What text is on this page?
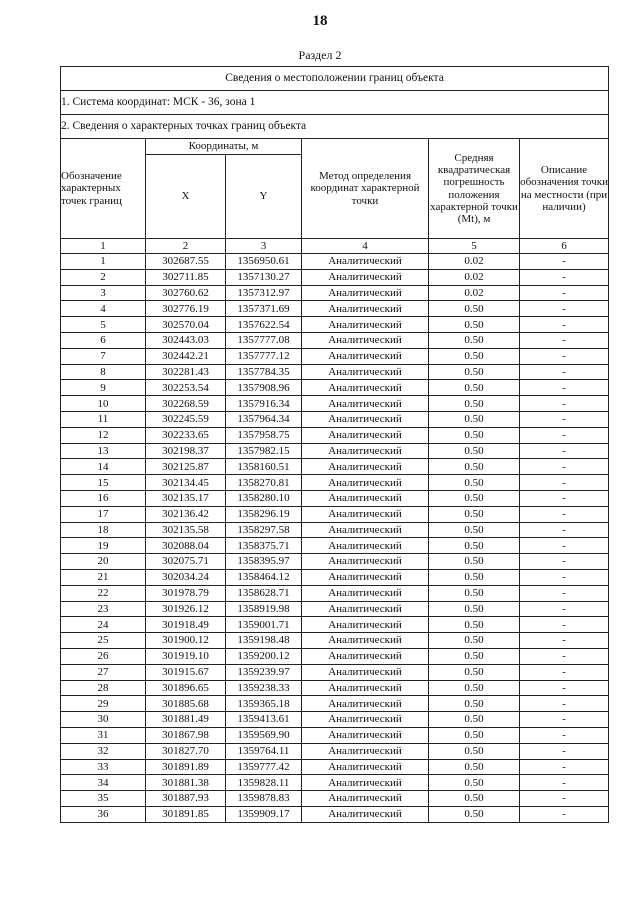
18
Раздел 2
Сведения о местоположении границ объекта					
1. Система координат: МСК - 36, зона 1					
2. Сведения о характерных точках границ объекта					
Обозначение характерных точек границ	Координаты, м		Метод определения координат характерной точки	Средняя квадратическая погрешность положения характерной точки (Mt), м	Описание обозначения точки на местности (при наличии)
	X	Y			
1	2	3	4	5	6
1	302687.55	1356950.61	Аналитический	0.02	-
2	302711.85	1357130.27	Аналитический	0.02	-
3	302760.62	1357312.97	Аналитический	0.02	-
4	302776.19	1357371.69	Аналитический	0.50	-
5	302570.04	1357622.54	Аналитический	0.50	-
6	302443.03	1357777.08	Аналитический	0.50	-
7	302442.21	1357777.12	Аналитический	0.50	-
8	302281.43	1357784.35	Аналитический	0.50	-
9	302253.54	1357908.96	Аналитический	0.50	-
10	302268.59	1357916.34	Аналитический	0.50	-
11	302245.59	1357964.34	Аналитический	0.50	-
12	302233.65	1357958.75	Аналитический	0.50	-
13	302198.37	1357982.15	Аналитический	0.50	-
14	302125.87	1358160.51	Аналитический	0.50	-
15	302134.45	1358270.81	Аналитический	0.50	-
16	302135.17	1358280.10	Аналитический	0.50	-
17	302136.42	1358296.19	Аналитический	0.50	-
18	302135.58	1358297.58	Аналитический	0.50	-
19	302088.04	1358375.71	Аналитический	0.50	-
20	302075.71	1358395.97	Аналитический	0.50	-
21	302034.24	1358464.12	Аналитический	0.50	-
22	301978.79	1358628.71	Аналитический	0.50	-
23	301926.12	1358919.98	Аналитический	0.50	-
24	301918.49	1359001.71	Аналитический	0.50	-
25	301900.12	1359198.48	Аналитический	0.50	-
26	301919.10	1359200.12	Аналитический	0.50	-
27	301915.67	1359239.97	Аналитический	0.50	-
28	301896.65	1359238.33	Аналитический	0.50	-
29	301885.68	1359365.18	Аналитический	0.50	-
30	301881.49	1359413.61	Аналитический	0.50	-
31	301867.98	1359569.90	Аналитический	0.50	-
32	301827.70	1359764.11	Аналитический	0.50	-
33	301891.89	1359777.42	Аналитический	0.50	-
34	301881.38	1359828.11	Аналитический	0.50	-
35	301887.93	1359878.83	Аналитический	0.50	-
36	301891.85	1359909.17	Аналитический	0.50	-
